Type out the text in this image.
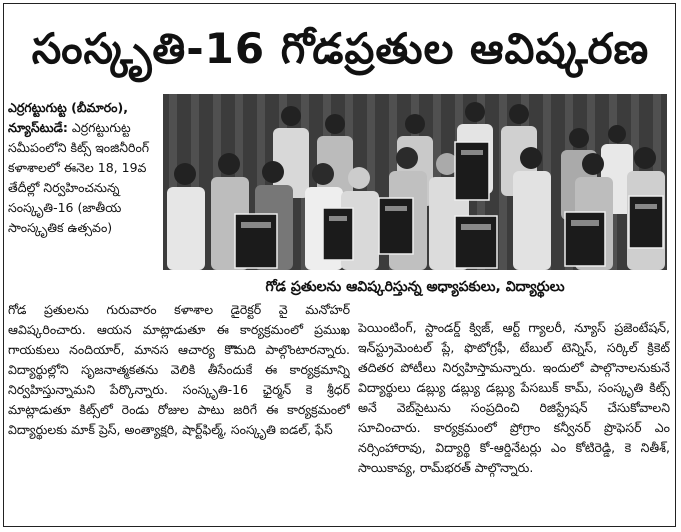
సంస్కృతి-16 గోడప్రతుల ఆవిష్కరణ
గోడ ప్రతులను ఆవిష్కరిస్తున్న అధ్యాపకులు, విద్యార్థులు

ఎర్రగట్టుగుట్ట (బీమారం), న్యూస్‌టుడే: ఎర్రగట్టుగుట్ట సమీపంలోని కిట్స్ ఇంజినీరింగ్ కళాశాలలో ఈనెల 18, 19వ తేదీల్లో నిర్వహించనున్న సంస్కృతి-16 (జాతీయ సాంస్కృతిక ఉత్సవం)

గోడ ప్రతులను గురువారం కళాశాల డైరెక్టర్ వై మనోహర్ ఆవిష్కరించారు. ఆయన మాట్లాడుతూ ఈ కార్యక్రమంలో ప్రముఖ గాయకులు నందియార్, మానస ఆచార్య కొౌమది పాల్గొంటారన్నారు. విద్యార్థుల్లోని సృజనాత్మకతను వెలికి తీసేందుకే ఈ కార్యక్రమాన్ని నిర్వహిస్తున్నామని పేర్కొన్నారు. సంస్కృతి-16 ఛైర్మన్ కె శ్రీధర్ మాట్లాడుతూ కిట్స్‌లో రెండు రోజుల పాటు జరిగే ఈ కార్యక్రమంలో విద్యార్థులకు మాక్ ప్రెస్, అంత్యాక్షరి, షార్ట్‌ఫిల్మ్, సంస్కృతి ఐడల్, ఫేస్

పెయింటింగ్, స్టాండర్డ్ క్విజ్, ఆర్ట్ గ్యాలరీ, న్యూస్ ప్రజెంటేషన్, ఇన్‌స్ట్రుమెంటల్ ప్లే, ఫొటోగ్రఫీ, టేబుల్ టెన్నిస్, సర్కిల్ క్రికెట్ తదితర పోటీలు నిర్వహిస్తామన్నారు. ఇందులో పాల్గొనాలనుకునే విద్యార్థులు డబ్ల్యు డబ్ల్యు డబ్ల్యు పేసబుక్ కామ్, సంస్కృతి కిట్స్ అనే వెబ్‌సైటును సంప్రదించి రిజిస్ట్రేషన్ చేసుకోవాలని సూచించారు. కార్యక్రమంలో ప్రోగ్రాం కన్వీనర్ ప్రొఫెసర్ ఎం నర్సింహారావు, విద్యార్థి కో-ఆర్డినేటర్లు ఎం కోటిరెడ్డి, కె నితీశ్, సాయికావ్య, రామ్‌భరత్ పాల్గొన్నారు.
